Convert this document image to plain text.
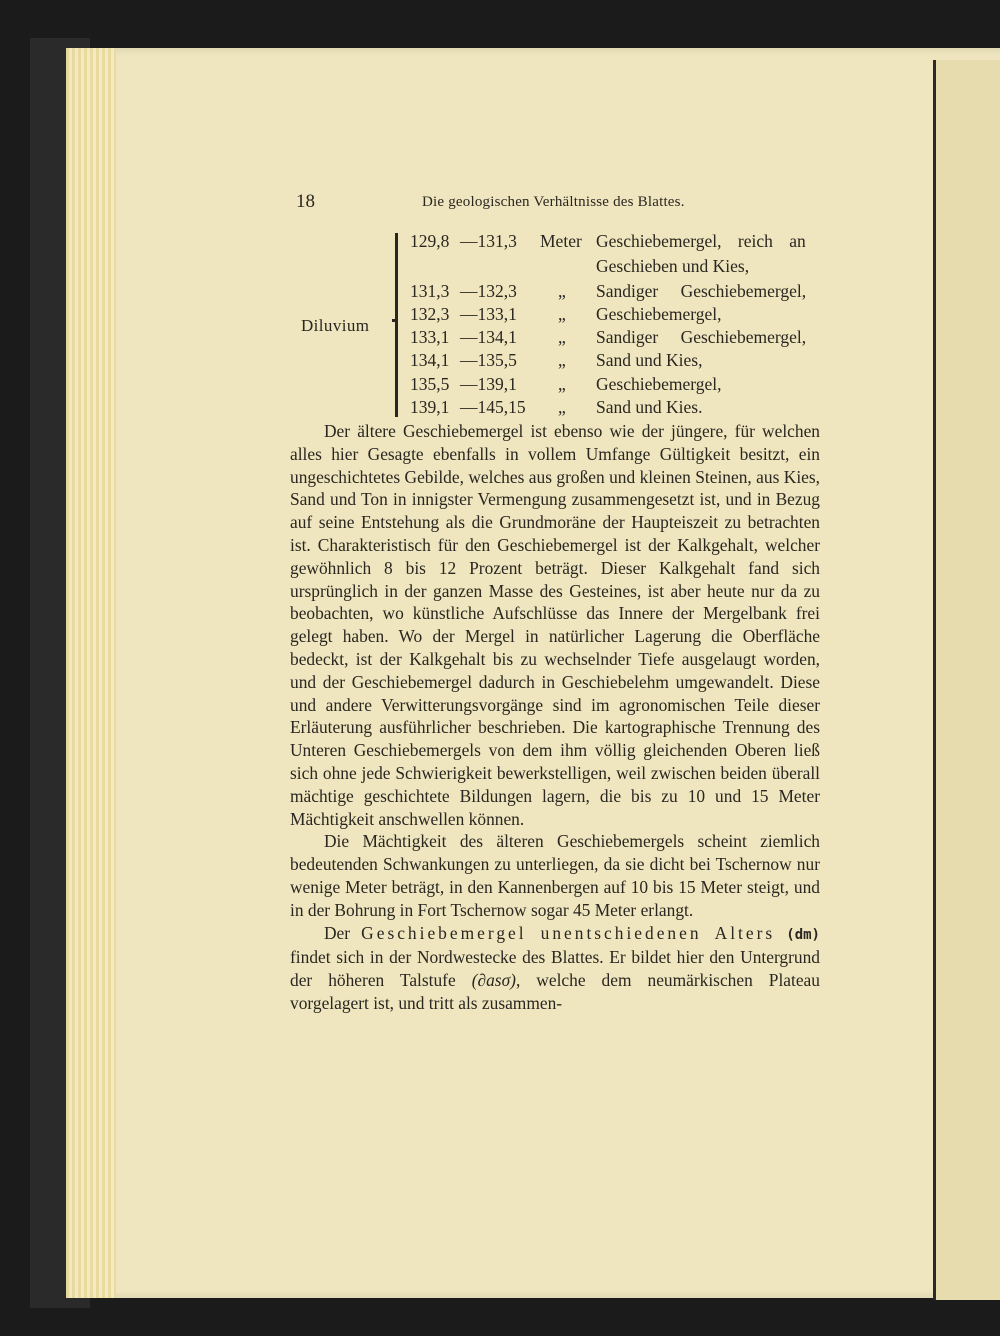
18	Die geologischen Verhältnisse des Blattes.
Diluvium
129,8 —131,3 Meter Geschiebemergel, reich an
Geschieben und Kies,
131,3 —132,3 „ Sandiger Geschiebemergel,
132,3 —133,1 „ Geschiebemergel,
133,1 —134,1 „ Sandiger Geschiebemergel,
134,1 —135,5 „ Sand und Kies,
135,5 —139,1 „ Geschiebemergel,
139,1 —145,15 „ Sand und Kies.

Der ältere Geschiebemergel ist ebenso wie der jüngere, für welchen alles hier Gesagte ebenfalls in vollem Umfange Gültigkeit besitzt, ein ungeschichtetes Gebilde, welches aus großen und kleinen Steinen, aus Kies, Sand und Ton in innigster Vermengung zusammengesetzt ist, und in Bezug auf seine Entstehung als die Grundmoräne der Haupteiszeit zu betrachten ist. Charakteristisch für den Geschiebemergel ist der Kalkgehalt, welcher gewöhnlich 8 bis 12 Prozent beträgt. Dieser Kalkgehalt fand sich ursprünglich in der ganzen Masse des Gesteines, ist aber heute nur da zu beobachten, wo künstliche Aufschlüsse das Innere der Mergelbank frei gelegt haben. Wo der Mergel in natürlicher Lagerung die Oberfläche bedeckt, ist der Kalkgehalt bis zu wechselnder Tiefe ausgelaugt worden, und der Geschiebemergel dadurch in Geschiebelehm umgewandelt. Diese und andere Verwitterungsvorgänge sind im agronomischen Teile dieser Erläuterung ausführlicher beschrieben. Die kartographische Trennung des Unteren Geschiebemergels von dem ihm völlig gleichenden Oberen ließ sich ohne jede Schwierigkeit bewerkstelligen, weil zwischen beiden überall mächtige geschichtete Bildungen lagern, die bis zu 10 und 15 Meter Mächtigkeit anschwellen können.

Die Mächtigkeit des älteren Geschiebemergels scheint ziemlich bedeutenden Schwankungen zu unterliegen, da sie dicht bei Tschernow nur wenige Meter beträgt, in den Kannenbergen auf 10 bis 15 Meter steigt, und in der Bohrung in Fort Tschernow sogar 45 Meter erlangt.

Der Geschiebemergel unentschiedenen Alters (dm) findet sich in der Nordwestecke des Blattes. Er bildet hier den Untergrund der höheren Talstufe (∂asσ), welche dem neumärkischen Plateau vorgelagert ist, und tritt als zusammen-
